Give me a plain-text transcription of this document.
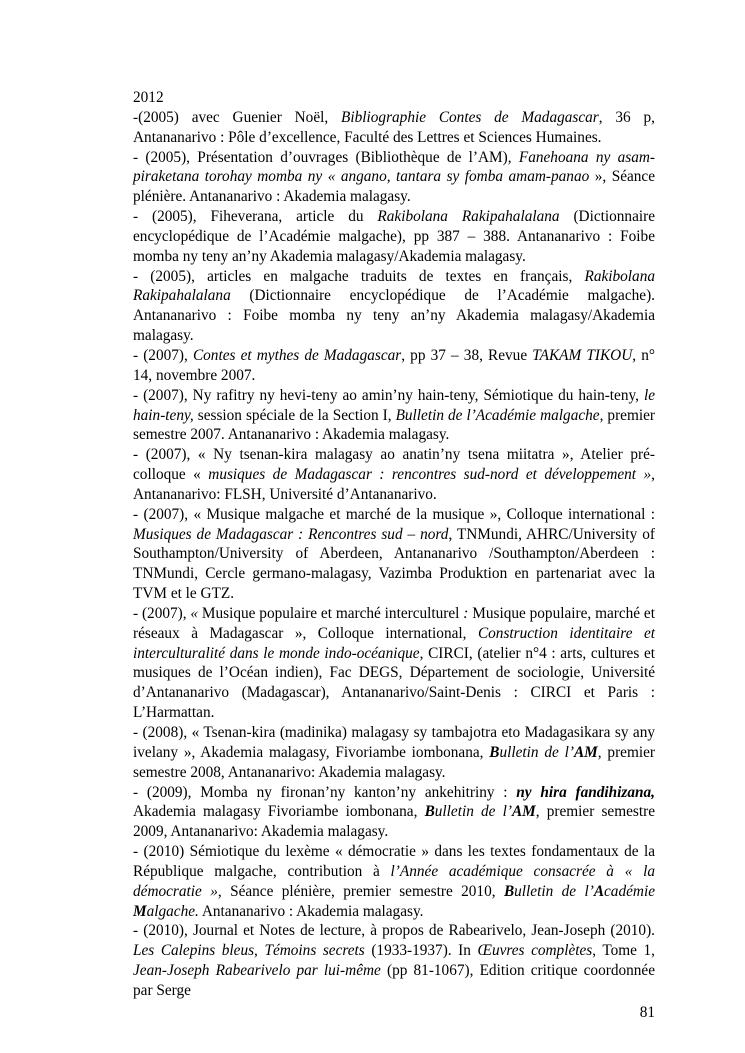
2012

-(2005) avec Guenier Noël, Bibliographie Contes de Madagascar, 36 p, Antananarivo : Pôle d’excellence, Faculté des Lettres et Sciences Humaines.

- (2005), Présentation d’ouvrages (Bibliothèque de l’AM), Fanehoana ny asam-piraketana torohay momba ny « angano, tantara sy fomba amam-panao », Séance plénière. Antananarivo : Akademia malagasy.

- (2005), Fiheverana, article du Rakibolana Rakipahalalana (Dictionnaire encyclopédique de l’Académie malgache), pp 387 – 388. Antananarivo : Foibe momba ny teny an’ny Akademia malagasy/Akademia malagasy.

- (2005), articles en malgache traduits de textes en français, Rakibolana Rakipahalalana (Dictionnaire encyclopédique de l’Académie malgache). Antananarivo : Foibe momba ny teny an’ny Akademia malagasy/Akademia malagasy.

- (2007), Contes et mythes de Madagascar, pp 37 – 38, Revue TAKAM TIKOU, n° 14, novembre 2007.

- (2007), Ny rafitry ny hevi-teny ao amin’ny hain-teny, Sémiotique du hain-teny, le hain-teny, session spéciale de la Section I, Bulletin de l’Académie malgache, premier semestre 2007. Antananarivo : Akademia malagasy.

- (2007), « Ny tsenan-kira malagasy ao anatin’ny tsena miitatra », Atelier pré-colloque « musiques de Madagascar : rencontres sud-nord et développement », Antananarivo: FLSH, Université d’Antananarivo.

- (2007), « Musique malgache et marché de la musique », Colloque international : Musiques de Madagascar : Rencontres sud – nord, TNMundi, AHRC/University of Southampton/University of Aberdeen, Antananarivo /Southampton/Aberdeen : TNMundi, Cercle germano-malagasy, Vazimba Produktion en partenariat avec la TVM et le GTZ.

- (2007), « Musique populaire et marché interculturel : Musique populaire, marché et réseaux à Madagascar », Colloque international, Construction identitaire et interculturalité dans le monde indo-océanique, CIRCI, (atelier n°4 : arts, cultures et musiques de l’Océan indien), Fac DEGS, Département de sociologie, Université d’Antananarivo (Madagascar), Antananarivo/Saint-Denis : CIRCI et Paris : L’Harmattan.

- (2008), « Tsenan-kira (madinika) malagasy sy tambajotra eto Madagasikara sy any ivelany », Akademia malagasy, Fivoriambe iombonana, Bulletin de l’AM, premier semestre 2008, Antananarivo: Akademia malagasy.

- (2009), Momba ny fironan’ny kanton’ny ankehitriny : ny hira fandihizana, Akademia malagasy Fivoriambe iombonana, Bulletin de l’AM, premier semestre 2009, Antananarivo: Akademia malagasy.

- (2010) Sémiotique du lexème « démocratie » dans les textes fondamentaux de la République malgache, contribution à l’Année académique consacrée à « la démocratie », Séance plénière, premier semestre 2010, Bulletin de l’Académie Malgache. Antananarivo : Akademia malagasy.

- (2010), Journal et Notes de lecture, à propos de Rabearivelo, Jean-Joseph (2010). Les Calepins bleus, Témoins secrets (1933-1937). In Œuvres complètes, Tome 1, Jean-Joseph Rabearivelo par lui-même (pp 81-1067), Edition critique coordonnée par Serge

81
